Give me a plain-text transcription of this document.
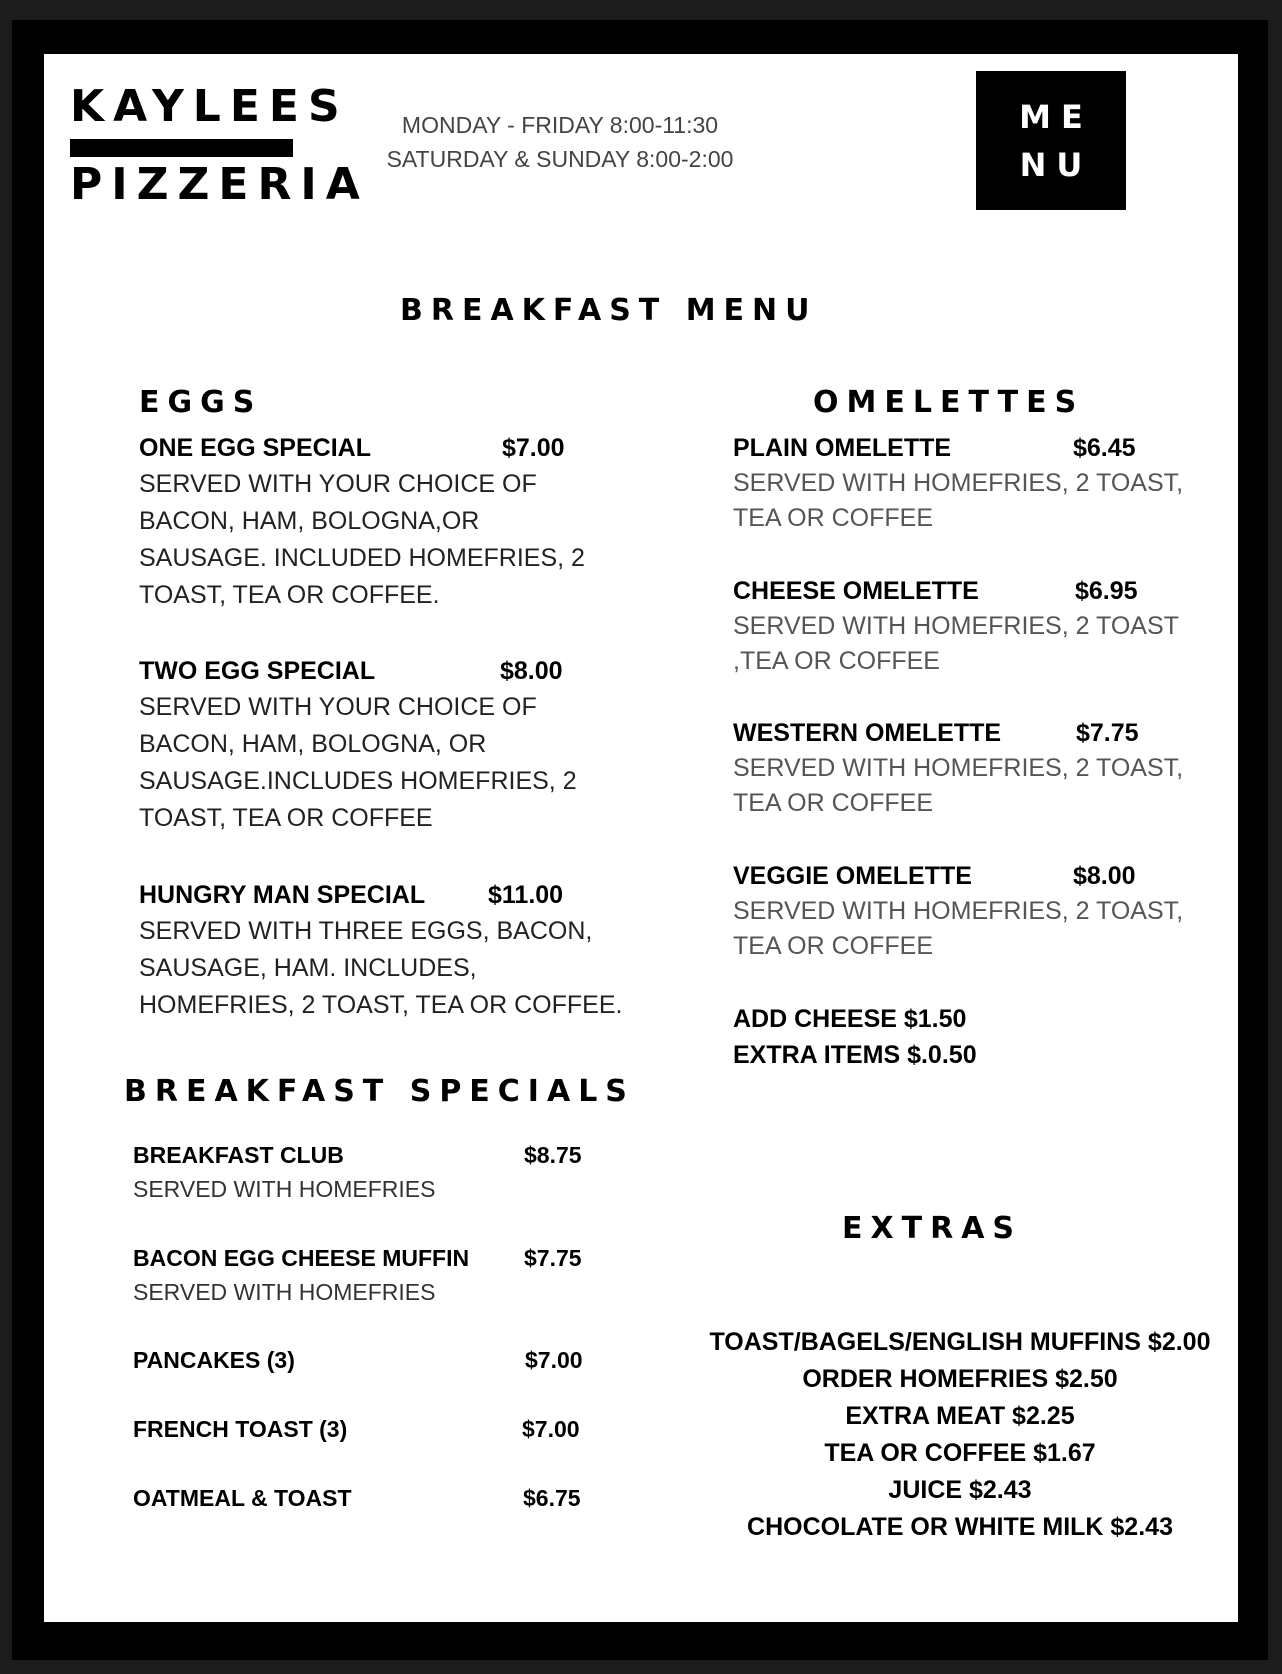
KAYLEES
PIZZERIA
MONDAY - FRIDAY 8:00-11:30
SATURDAY & SUNDAY 8:00-2:00
ME
NU
BREAKFAST MENU
EGGS
ONE EGG SPECIAL	$7.00
SERVED WITH YOUR CHOICE OF
BACON, HAM, BOLOGNA,OR
SAUSAGE. INCLUDED HOMEFRIES, 2
TOAST, TEA OR COFFEE.
TWO EGG SPECIAL	$8.00
SERVED WITH YOUR CHOICE OF
BACON, HAM, BOLOGNA, OR
SAUSAGE.INCLUDES HOMEFRIES, 2
TOAST, TEA OR COFFEE
HUNGRY MAN SPECIAL	$11.00
SERVED WITH THREE EGGS, BACON,
SAUSAGE, HAM. INCLUDES,
HOMEFRIES, 2 TOAST, TEA OR COFFEE.
OMELETTES
PLAIN OMELETTE	$6.45
SERVED WITH HOMEFRIES, 2 TOAST,
TEA OR COFFEE
CHEESE OMELETTE	$6.95
SERVED WITH HOMEFRIES, 2 TOAST
,TEA OR COFFEE
WESTERN OMELETTE	$7.75
SERVED WITH HOMEFRIES, 2 TOAST,
TEA OR COFFEE
VEGGIE OMELETTE	$8.00
SERVED WITH HOMEFRIES, 2 TOAST,
TEA OR COFFEE
ADD CHEESE $1.50
EXTRA ITEMS $.0.50
BREAKFAST SPECIALS
BREAKFAST CLUB	$8.75
SERVED WITH HOMEFRIES
BACON EGG CHEESE MUFFIN $7.75
SERVED WITH HOMEFRIES
PANCAKES (3)	$7.00
FRENCH TOAST (3)	$7.00
OATMEAL & TOAST	$6.75
EXTRAS
TOAST/BAGELS/ENGLISH MUFFINS $2.00
ORDER HOMEFRIES $2.50
EXTRA MEAT $2.25
TEA OR COFFEE $1.67
JUICE $2.43
CHOCOLATE OR WHITE MILK $2.43
